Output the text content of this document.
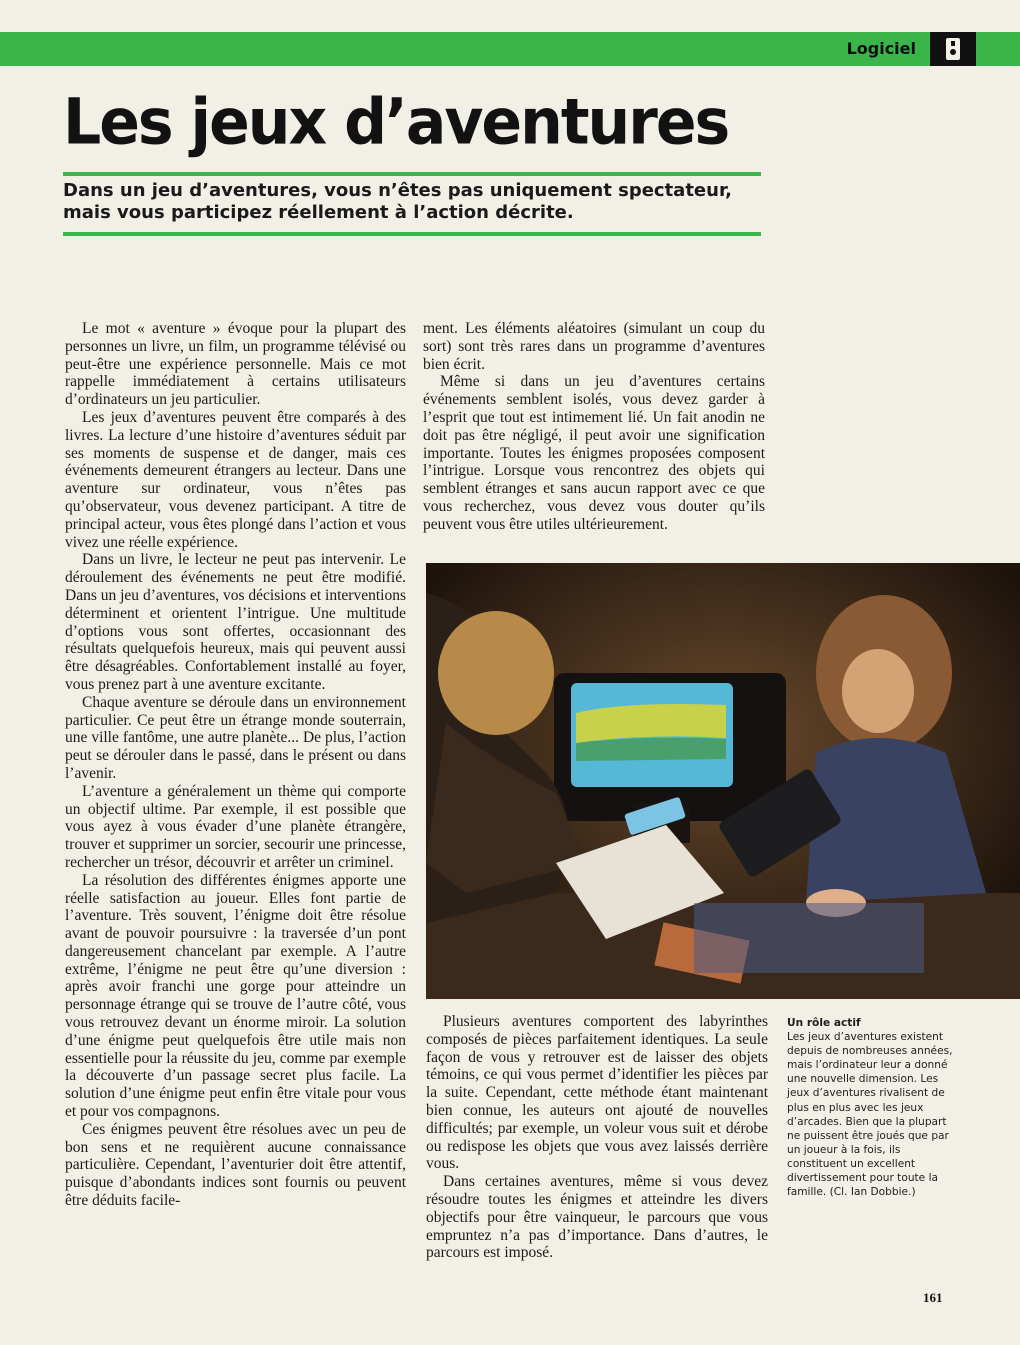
Logiciel
Les jeux d’aventures

Dans un jeu d’aventures, vous n’êtes pas uniquement spectateur, mais vous participez réellement à l’action décrite.

Le mot « aventure » évoque pour la plupart des personnes un livre, un film, un programme télévisé ou peut-être une expérience personnelle. Mais ce mot rappelle immédiatement à certains utilisateurs d’ordinateurs un jeu particulier.

Les jeux d’aventures peuvent être comparés à des livres. La lecture d’une histoire d’aventures séduit par ses moments de suspense et de danger, mais ces événements demeurent étrangers au lecteur. Dans une aventure sur ordinateur, vous n’êtes pas qu’observateur, vous devenez participant. A titre de principal acteur, vous êtes plongé dans l’action et vous vivez une réelle expérience.

Dans un livre, le lecteur ne peut pas intervenir. Le déroulement des événements ne peut être modifié. Dans un jeu d’aventures, vos décisions et interventions déterminent et orientent l’intrigue. Une multitude d’options vous sont offertes, occasionnant des résultats quelquefois heureux, mais qui peuvent aussi être désagréables. Confortablement installé au foyer, vous prenez part à une aventure excitante.

Chaque aventure se déroule dans un environnement particulier. Ce peut être un étrange monde souterrain, une ville fantôme, une autre planète... De plus, l’action peut se dérouler dans le passé, dans le présent ou dans l’avenir.

L’aventure a généralement un thème qui comporte un objectif ultime. Par exemple, il est possible que vous ayez à vous évader d’une planète étrangère, trouver et supprimer un sorcier, secourir une princesse, rechercher un trésor, découvrir et arrêter un criminel.

La résolution des différentes énigmes apporte une réelle satisfaction au joueur. Elles font partie de l’aventure. Très souvent, l’énigme doit être résolue avant de pouvoir poursuivre : la traversée d’un pont dangereusement chancelant par exemple. A l’autre extrême, l’énigme ne peut être qu’une diversion : après avoir franchi une gorge pour atteindre un personnage étrange qui se trouve de l’autre côté, vous vous retrouvez devant un énorme miroir. La solution d’une énigme peut quelquefois être utile mais non essentielle pour la réussite du jeu, comme par exemple la découverte d’un passage secret plus facile. La solution d’une énigme peut enfin être vitale pour vous et pour vos compagnons.

Ces énigmes peuvent être résolues avec un peu de bon sens et ne requièrent aucune connaissance particulière. Cependant, l’aventurier doit être attentif, puisque d’abondants indices sont fournis ou peuvent être déduits facile-

ment. Les éléments aléatoires (simulant un coup du sort) sont très rares dans un programme d’aventures bien écrit.

Même si dans un jeu d’aventures certains événements semblent isolés, vous devez garder à l’esprit que tout est intimement lié. Un fait anodin ne doit pas être négligé, il peut avoir une signification importante. Toutes les énigmes proposées composent l’intrigue. Lorsque vous rencontrez des objets qui semblent étranges et sans aucun rapport avec ce que vous recherchez, vous devez vous douter qu’ils peuvent vous être utiles ultérieurement.

Un rôle actif
Les jeux d’aventures existent depuis de nombreuses années, mais l’ordinateur leur a donné une nouvelle dimension. Les jeux d’aventures rivalisent de plus en plus avec les jeux d’arcades. Bien que la plupart ne puissent être joués que par un joueur à la fois, ils constituent un excellent divertissement pour toute la famille. (Cl. Ian Dobbie.)

Plusieurs aventures comportent des labyrinthes composés de pièces parfaitement identiques. La seule façon de vous y retrouver est de laisser des objets témoins, ce qui vous permet d’identifier les pièces par la suite. Cependant, cette méthode étant maintenant bien connue, les auteurs ont ajouté de nouvelles difficultés; par exemple, un voleur vous suit et dérobe ou redispose les objets que vous avez laissés derrière vous.

Dans certaines aventures, même si vous devez résoudre toutes les énigmes et atteindre les divers objectifs pour être vainqueur, le parcours que vous empruntez n’a pas d’importance. Dans d’autres, le parcours est imposé.

161
